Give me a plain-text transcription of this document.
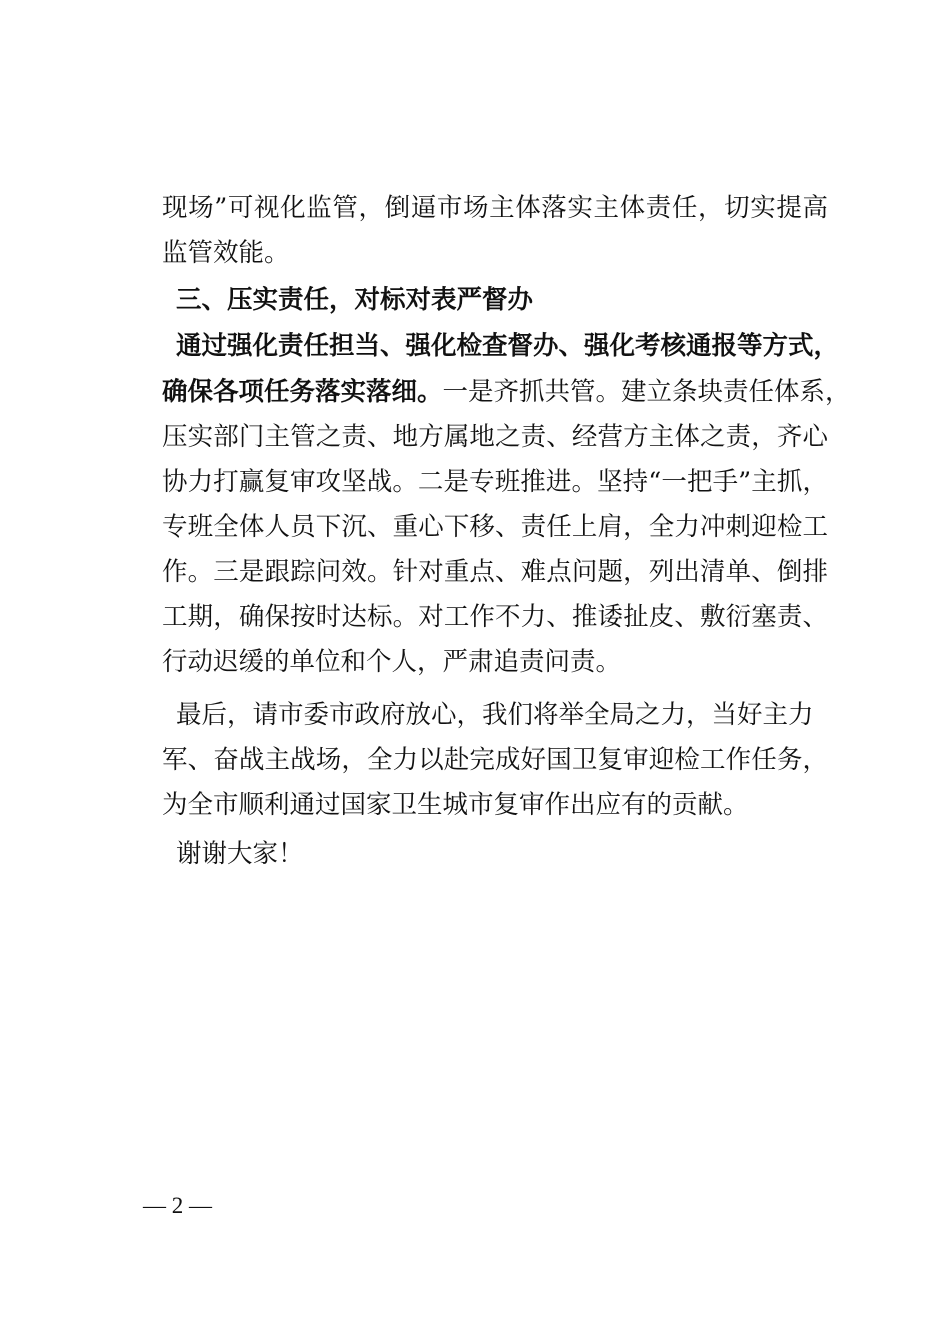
现场”可视化监管，倒逼市场主体落实主体责任，切实提高
监管效能。
三、压实责任，对标对表严督办
通过强化责任担当、强化检查督办、强化考核通报等方式，
确保各项任务落实落细。一是齐抓共管。建立条块责任体系，
压实部门主管之责、地方属地之责、经营方主体之责，齐心
协力打赢复审攻坚战。二是专班推进。坚持“一把手”主抓，
专班全体人员下沉、重心下移、责任上肩，全力冲刺迎检工
作。三是跟踪问效。针对重点、难点问题，列出清单、倒排
工期，确保按时达标。对工作不力、推诿扯皮、敷衍塞责、
行动迟缓的单位和个人，严肃追责问责。
最后，请市委市政府放心，我们将举全局之力，当好主力
军、奋战主战场，全力以赴完成好国卫复审迎检工作任务，
为全市顺利通过国家卫生城市复审作出应有的贡献。
谢谢大家！
— 2 —
